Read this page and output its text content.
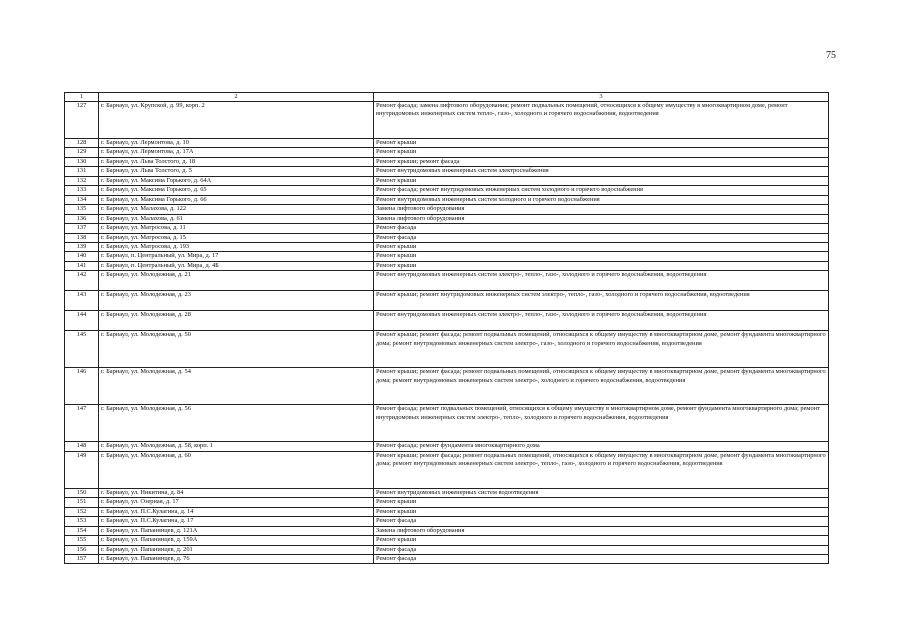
75
1	2	3
127	г. Барнаул, ул. Крупской, д. 99, корп. 2	Ремонт фасада; замена лифтового оборудования; ремонт подвальных помещений, относящихся к общему имуществу в многоквартирном доме, ремонт внутридомовых инженерных систем тепло-, газо-, холодного и горячего водоснабжения, водоотведения
128	г. Барнаул, ул. Лермонтова, д. 10	Ремонт крыши
129	г. Барнаул, ул. Лермонтова, д. 17А	Ремонт крыши
130	г. Барнаул, ул. Льва Толстого, д. 18	Ремонт крыши; ремонт фасада
131	г. Барнаул, ул. Льва Толстого, д. 5	Ремонт внутридомовых инженерных систем электроснабжения
132	г. Барнаул, ул. Максима Горького, д. 64А	Ремонт крыши
133	г. Барнаул, ул. Максима Горького, д. 65	Ремонт фасада; ремонт внутридомовых инженерных систем холодного и горячего водоснабжения
134	г. Барнаул, ул. Максима Горького, д. 66	Ремонт внутридомовых инженерных систем холодного и горячего водоснабжения
135	г. Барнаул, ул. Малахова, д. 122	Замена лифтового оборудования
136	г. Барнаул, ул. Малахова, д. 61	Замена лифтового оборудования
137	г. Барнаул, ул. Матросова, д. 11	Ремонт фасада
138	г. Барнаул, ул. Матросова, д. 15	Ремонт фасада
139	г. Барнаул, ул. Матросова, д. 193	Ремонт крыши
140	г. Барнаул, п. Центральный, ул. Мира, д. 17	Ремонт крыши
141	г. Барнаул, п. Центральный, ул. Мира, д. 4Б	Ремонт крыши
142	г. Барнаул, ул. Молодежная, д. 21	Ремонт внутридомовых инженерных систем электро-, тепло-, газо-, холодного и горячего водоснабжения, водоотведения
143	г. Барнаул, ул. Молодежная, д. 23	Ремонт крыши; ремонт внутридомовых инженерных систем электро-, тепло-, газо-, холодного и горячего водоснабжения, водоотведения
144	г. Барнаул, ул. Молодежная, д. 28	Ремонт внутридомовых инженерных систем электро-, тепло-, газо-, холодного и горячего водоснабжения, водоотведения
145	г. Барнаул, ул. Молодежная, д. 50	Ремонт крыши; ремонт фасада; ремонт подвальных помещений, относящихся к общему имуществу в многоквартирном доме, ремонт фундамента многоквартирного дома; ремонт внутридомовых инженерных систем электро-, газо-, холодного и горячего водоснабжения, водоотведения
146	г. Барнаул, ул. Молодежная, д. 54	Ремонт крыши; ремонт фасада; ремонт подвальных помещений, относящихся к общему имуществу в многоквартирном доме, ремонт фундамента многоквартирного дома; ремонт внутридомовых инженерных систем электро-, холодного и горячего водоснабжения, водоотведения
147	г. Барнаул, ул. Молодежная, д. 56	Ремонт фасада; ремонт подвальных помещений, относящихся к общему имуществу в многоквартирном доме, ремонт фундамента многоквартирного дома; ремонт внутридомовых инженерных систем электро-, тепло-, холодного и горячего водоснабжения, водоотведения
148	г. Барнаул, ул. Молодежная, д. 58, корп. 1	Ремонт фасада; ремонт фундамента многоквартирного дома
149	г. Барнаул, ул. Молодежная, д. 60	Ремонт крыши; ремонт фасада; ремонт подвальных помещений, относящихся к общему имуществу в многоквартирном доме, ремонт фундамента многоквартирного дома; ремонт внутридомовых инженерных систем электро-, тепло-, газо-, холодного и горячего водоснабжения, водоотведения
150	г. Барнаул, ул. Никитина, д. 84	Ремонт внутридомовых инженерных систем водоотведения
151	г. Барнаул, ул. Озерная, д. 17	Ремонт крыши
152	г. Барнаул, ул. П.С.Кулагина, д. 14	Ремонт крыши
153	г. Барнаул, ул. П.С.Кулагина, д. 17	Ремонт фасада
154	г. Барнаул, ул. Папанинцев, д. 121А	Замена лифтового оборудования
155	г. Барнаул, ул. Папанинцев, д. 159А	Ремонт крыши
156	г. Барнаул, ул. Папанинцев, д. 201	Ремонт фасада
157	г. Барнаул, ул. Папанинцев, д. 76	Ремонт фасада
